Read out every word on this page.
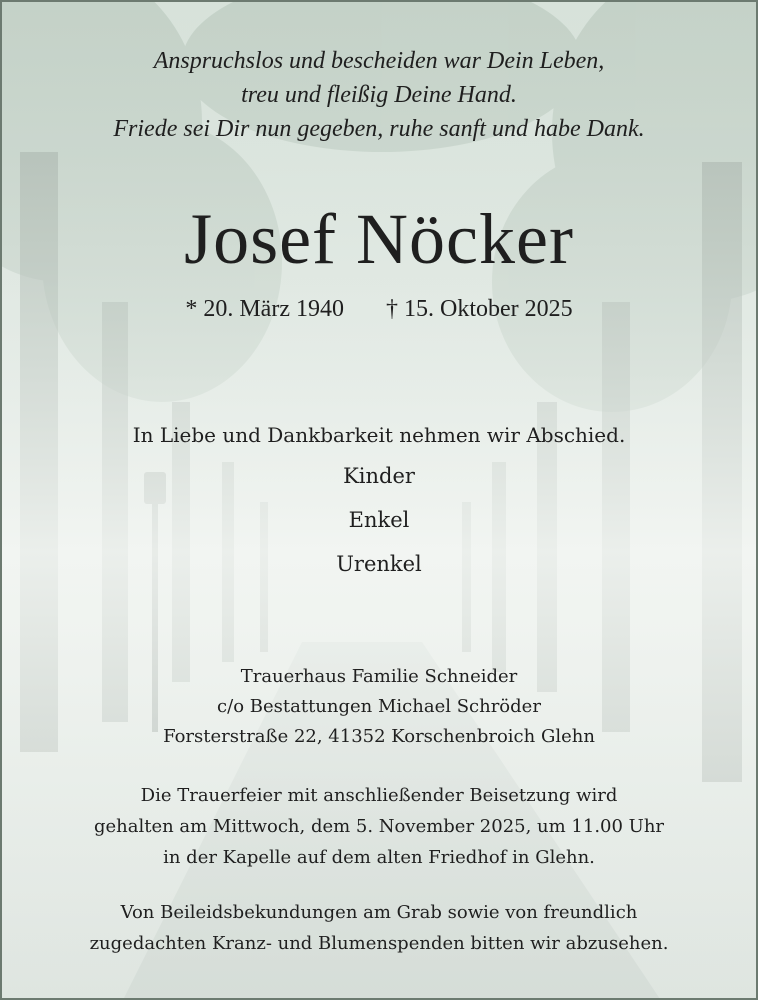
Anspruchslos und bescheiden war Dein Leben,
treu und fleißig Deine Hand.
Friede sei Dir nun gegeben, ruhe sanft und habe Dank.
Josef Nöcker
* 20. März 1940 † 15. Oktober 2025
In Liebe und Dankbarkeit nehmen wir Abschied.
Kinder
Enkel
Urenkel
Trauerhaus Familie Schneider
c/o Bestattungen Michael Schröder
Forsterstraße 22, 41352 Korschenbroich Glehn
Die Trauerfeier mit anschließender Beisetzung wird
gehalten am Mittwoch, dem 5. November 2025, um 11.00 Uhr
in der Kapelle auf dem alten Friedhof in Glehn.
Von Beileidsbekundungen am Grab sowie von freundlich
zugedachten Kranz- und Blumenspenden bitten wir abzusehen.
